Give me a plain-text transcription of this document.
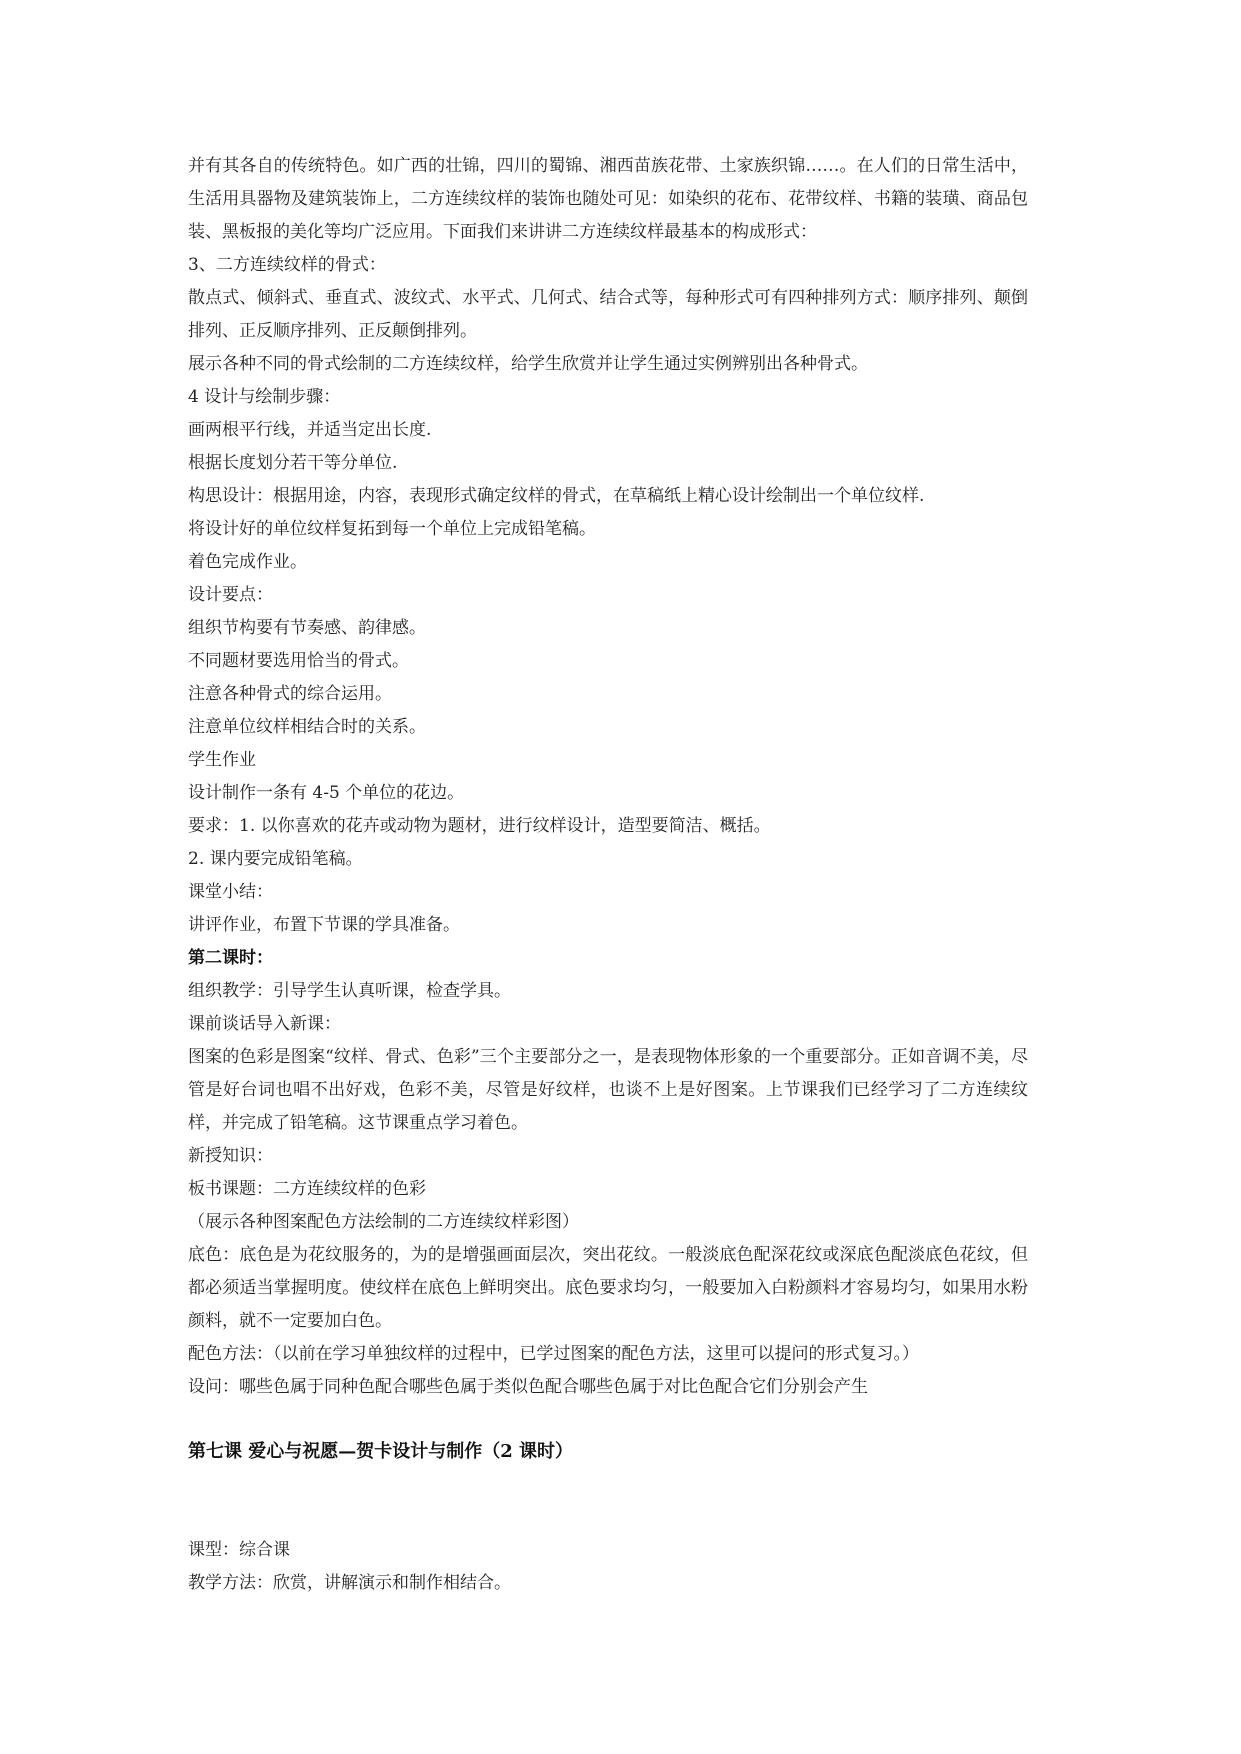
并有其各自的传统特色。如广西的壮锦，四川的蜀锦、湘西苗族花带、土家族织锦……。在人们的日常生活中，生活用具器物及建筑装饰上，二方连续纹样的装饰也随处可见：如染织的花布、花带纹样、书籍的装璜、商品包装、黑板报的美化等均广泛应用。下面我们来讲讲二方连续纹样最基本的构成形式：
3、二方连续纹样的骨式：
散点式、倾斜式、垂直式、波纹式、水平式、几何式、结合式等，每种形式可有四种排列方式：顺序排列、颠倒排列、正反顺序排列、正反颠倒排列。
展示各种不同的骨式绘制的二方连续纹样，给学生欣赏并让学生通过实例辨别出各种骨式。
4 设计与绘制步骤：
画两根平行线，并适当定出长度.
根据长度划分若干等分单位.
构思设计：根据用途，内容，表现形式确定纹样的骨式，在草稿纸上精心设计绘制出一个单位纹样.
将设计好的单位纹样复拓到每一个单位上完成铅笔稿。
着色完成作业。
设计要点：
组织节构要有节奏感、韵律感。
不同题材要选用恰当的骨式。
注意各种骨式的综合运用。
注意单位纹样相结合时的关系。
学生作业
设计制作一条有 4-5 个单位的花边。
要求：1. 以你喜欢的花卉或动物为题材，进行纹样设计，造型要简洁、概括。
2. 课内要完成铅笔稿。
课堂小结：
讲评作业，布置下节课的学具准备。
第二课时：
组织教学：引导学生认真听课，检查学具。
课前谈话导入新课：
图案的色彩是图案“纹样、骨式、色彩”三个主要部分之一，是表现物体形象的一个重要部分。正如音调不美，尽管是好台词也唱不出好戏，色彩不美，尽管是好纹样，也谈不上是好图案。上节课我们已经学习了二方连续纹样，并完成了铅笔稿。这节课重点学习着色。
新授知识：
板书课题：二方连续纹样的色彩
（展示各种图案配色方法绘制的二方连续纹样彩图）
底色：底色是为花纹服务的，为的是增强画面层次，突出花纹。一般淡底色配深花纹或深底色配淡底色花纹，但都必须适当掌握明度。使纹样在底色上鲜明突出。底色要求均匀，一般要加入白粉颜料才容易均匀，如果用水粉颜料，就不一定要加白色。
配色方法：（以前在学习单独纹样的过程中，已学过图案的配色方法，这里可以提问的形式复习。）
设问：哪些色属于同种色配合哪些色属于类似色配合哪些色属于对比色配合它们分别会产生
第七课 爱心与祝愿—贺卡设计与制作（2 课时）
课型：综合课
教学方法：欣赏，讲解演示和制作相结合。
